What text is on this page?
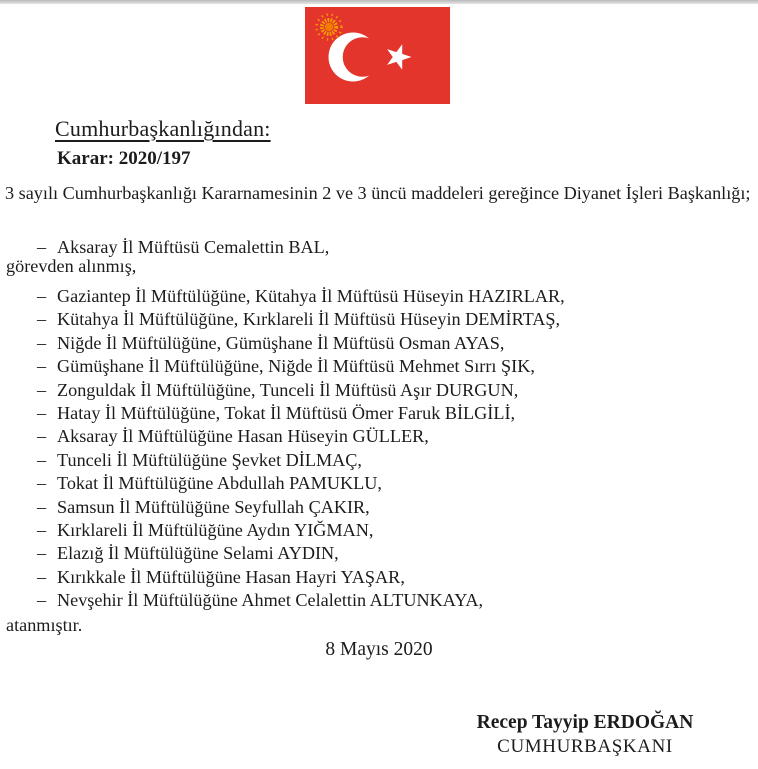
Cumhurbaşkanlığından:
Karar: 2020/197

3 sayılı Cumhurbaşkanlığı Kararnamesinin 2 ve 3 üncü maddeleri gereğince Diyanet İşleri Başkanlığı;

– Aksaray İl Müftüsü Cemalettin BAL,
görevden alınmış,
– Gaziantep İl Müftülüğüne, Kütahya İl Müftüsü Hüseyin HAZIRLAR,
– Kütahya İl Müftülüğüne, Kırklareli İl Müftüsü Hüseyin DEMİRTAŞ,
– Niğde İl Müftülüğüne, Gümüşhane İl Müftüsü Osman AYAS,
– Gümüşhane İl Müftülüğüne, Niğde İl Müftüsü Mehmet Sırrı ŞIK,
– Zonguldak İl Müftülüğüne, Tunceli İl Müftüsü Aşır DURGUN,
– Hatay İl Müftülüğüne, Tokat İl Müftüsü Ömer Faruk BİLGİLİ,
– Aksaray İl Müftülüğüne Hasan Hüseyin GÜLLER,
– Tunceli İl Müftülüğüne Şevket DİLMAÇ,
– Tokat İl Müftülüğüne Abdullah PAMUKLU,
– Samsun İl Müftülüğüne Seyfullah ÇAKIR,
– Kırklareli İl Müftülüğüne Aydın YIĞMAN,
– Elazığ İl Müftülüğüne Selami AYDIN,
– Kırıkkale İl Müftülüğüne Hasan Hayri YAŞAR,
– Nevşehir İl Müftülüğüne Ahmet Celalettin ALTUNKAYA,
atanmıştır.
8 Mayıs 2020
Recep Tayyip ERDOĞAN
CUMHURBAŞKANI
